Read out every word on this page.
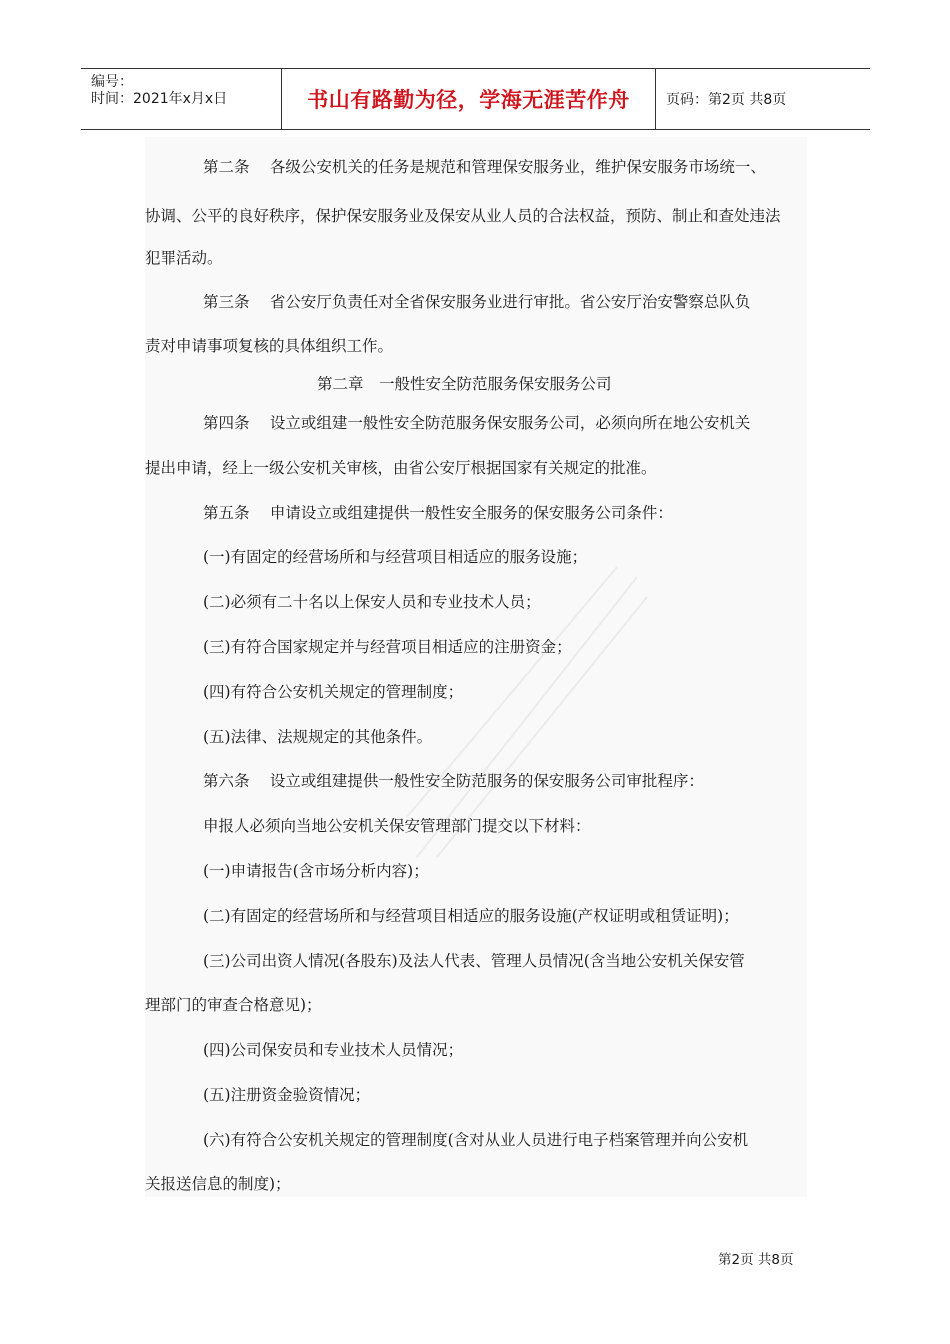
编号：
时间：2021年x月x日	书山有路勤为径，学海无涯苦作舟	页码：第2页 共8页
第二条　 各级公安机关的任务是规范和管理保安服务业，维护保安服务市场统一、
协调、公平的良好秩序，保护保安服务业及保安从业人员的合法权益，预防、制止和查处违法
犯罪活动。
第三条　 省公安厅负责任对全省保安服务业进行审批。省公安厅治安警察总队负
责对申请事项复核的具体组织工作。
第二章　一般性安全防范服务保安服务公司
第四条　 设立或组建一般性安全防范服务保安服务公司，必须向所在地公安机关
提出申请，经上一级公安机关审核，由省公安厅根据国家有关规定的批准。
第五条　 申请设立或组建提供一般性安全服务的保安服务公司条件：
(一)有固定的经营场所和与经营项目相适应的服务设施；
(二)必须有二十名以上保安人员和专业技术人员；
(三)有符合国家规定并与经营项目相适应的注册资金；
(四)有符合公安机关规定的管理制度；
(五)法律、法规规定的其他条件。
第六条　 设立或组建提供一般性安全防范服务的保安服务公司审批程序：
申报人必须向当地公安机关保安管理部门提交以下材料：
(一)申请报告(含市场分析内容)；
(二)有固定的经营场所和与经营项目相适应的服务设施(产权证明或租赁证明)；
(三)公司出资人情况(各股东)及法人代表、管理人员情况(含当地公安机关保安管
理部门的审查合格意见)；
(四)公司保安员和专业技术人员情况；
(五)注册资金验资情况；
(六)有符合公安机关规定的管理制度(含对从业人员进行电子档案管理并向公安机
关报送信息的制度)；
第2页 共8页
